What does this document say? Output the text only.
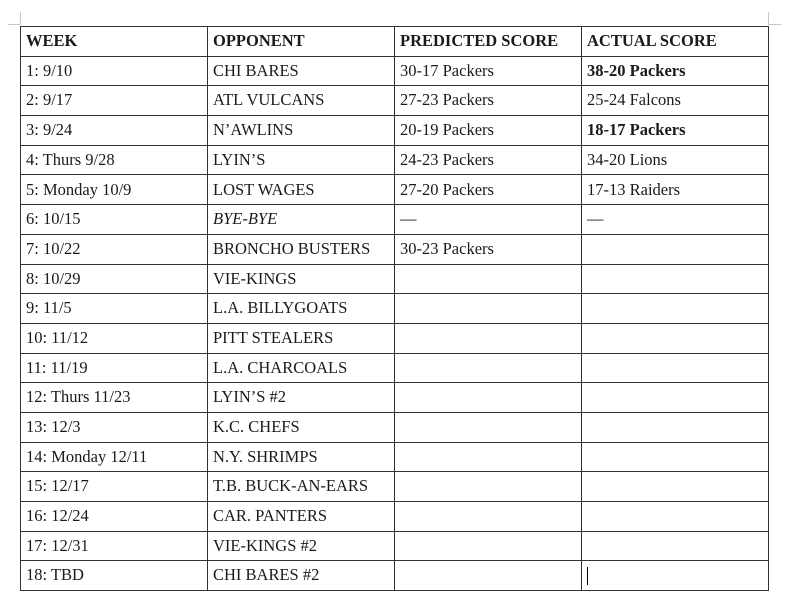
WEEK	OPPONENT	PREDICTED SCORE	ACTUAL SCORE
1: 9/10	CHI BARES	30-17 Packers	38-20 Packers
2: 9/17	ATL VULCANS	27-23 Packers	25-24 Falcons
3: 9/24	N’AWLINS	20-19 Packers	18-17 Packers
4: Thurs 9/28	LYIN’S	24-23 Packers	34-20 Lions
5: Monday 10/9	LOST WAGES	27-20 Packers	17-13 Raiders
6: 10/15	BYE-BYE	—	—
7: 10/22	BRONCHO BUSTERS	30-23 Packers	
8: 10/29	VIE-KINGS		
9: 11/5	L.A. BILLYGOATS		
10: 11/12	PITT STEALERS		
11: 11/19	L.A. CHARCOALS		
12: Thurs 11/23	LYIN’S #2		
13: 12/3	K.C. CHEFS		
14: Monday 12/11	N.Y. SHRIMPS		
15: 12/17	T.B. BUCK-AN-EARS		
16: 12/24	CAR. PANTERS		
17: 12/31	VIE-KINGS #2		
18: TBD	CHI BARES #2		
